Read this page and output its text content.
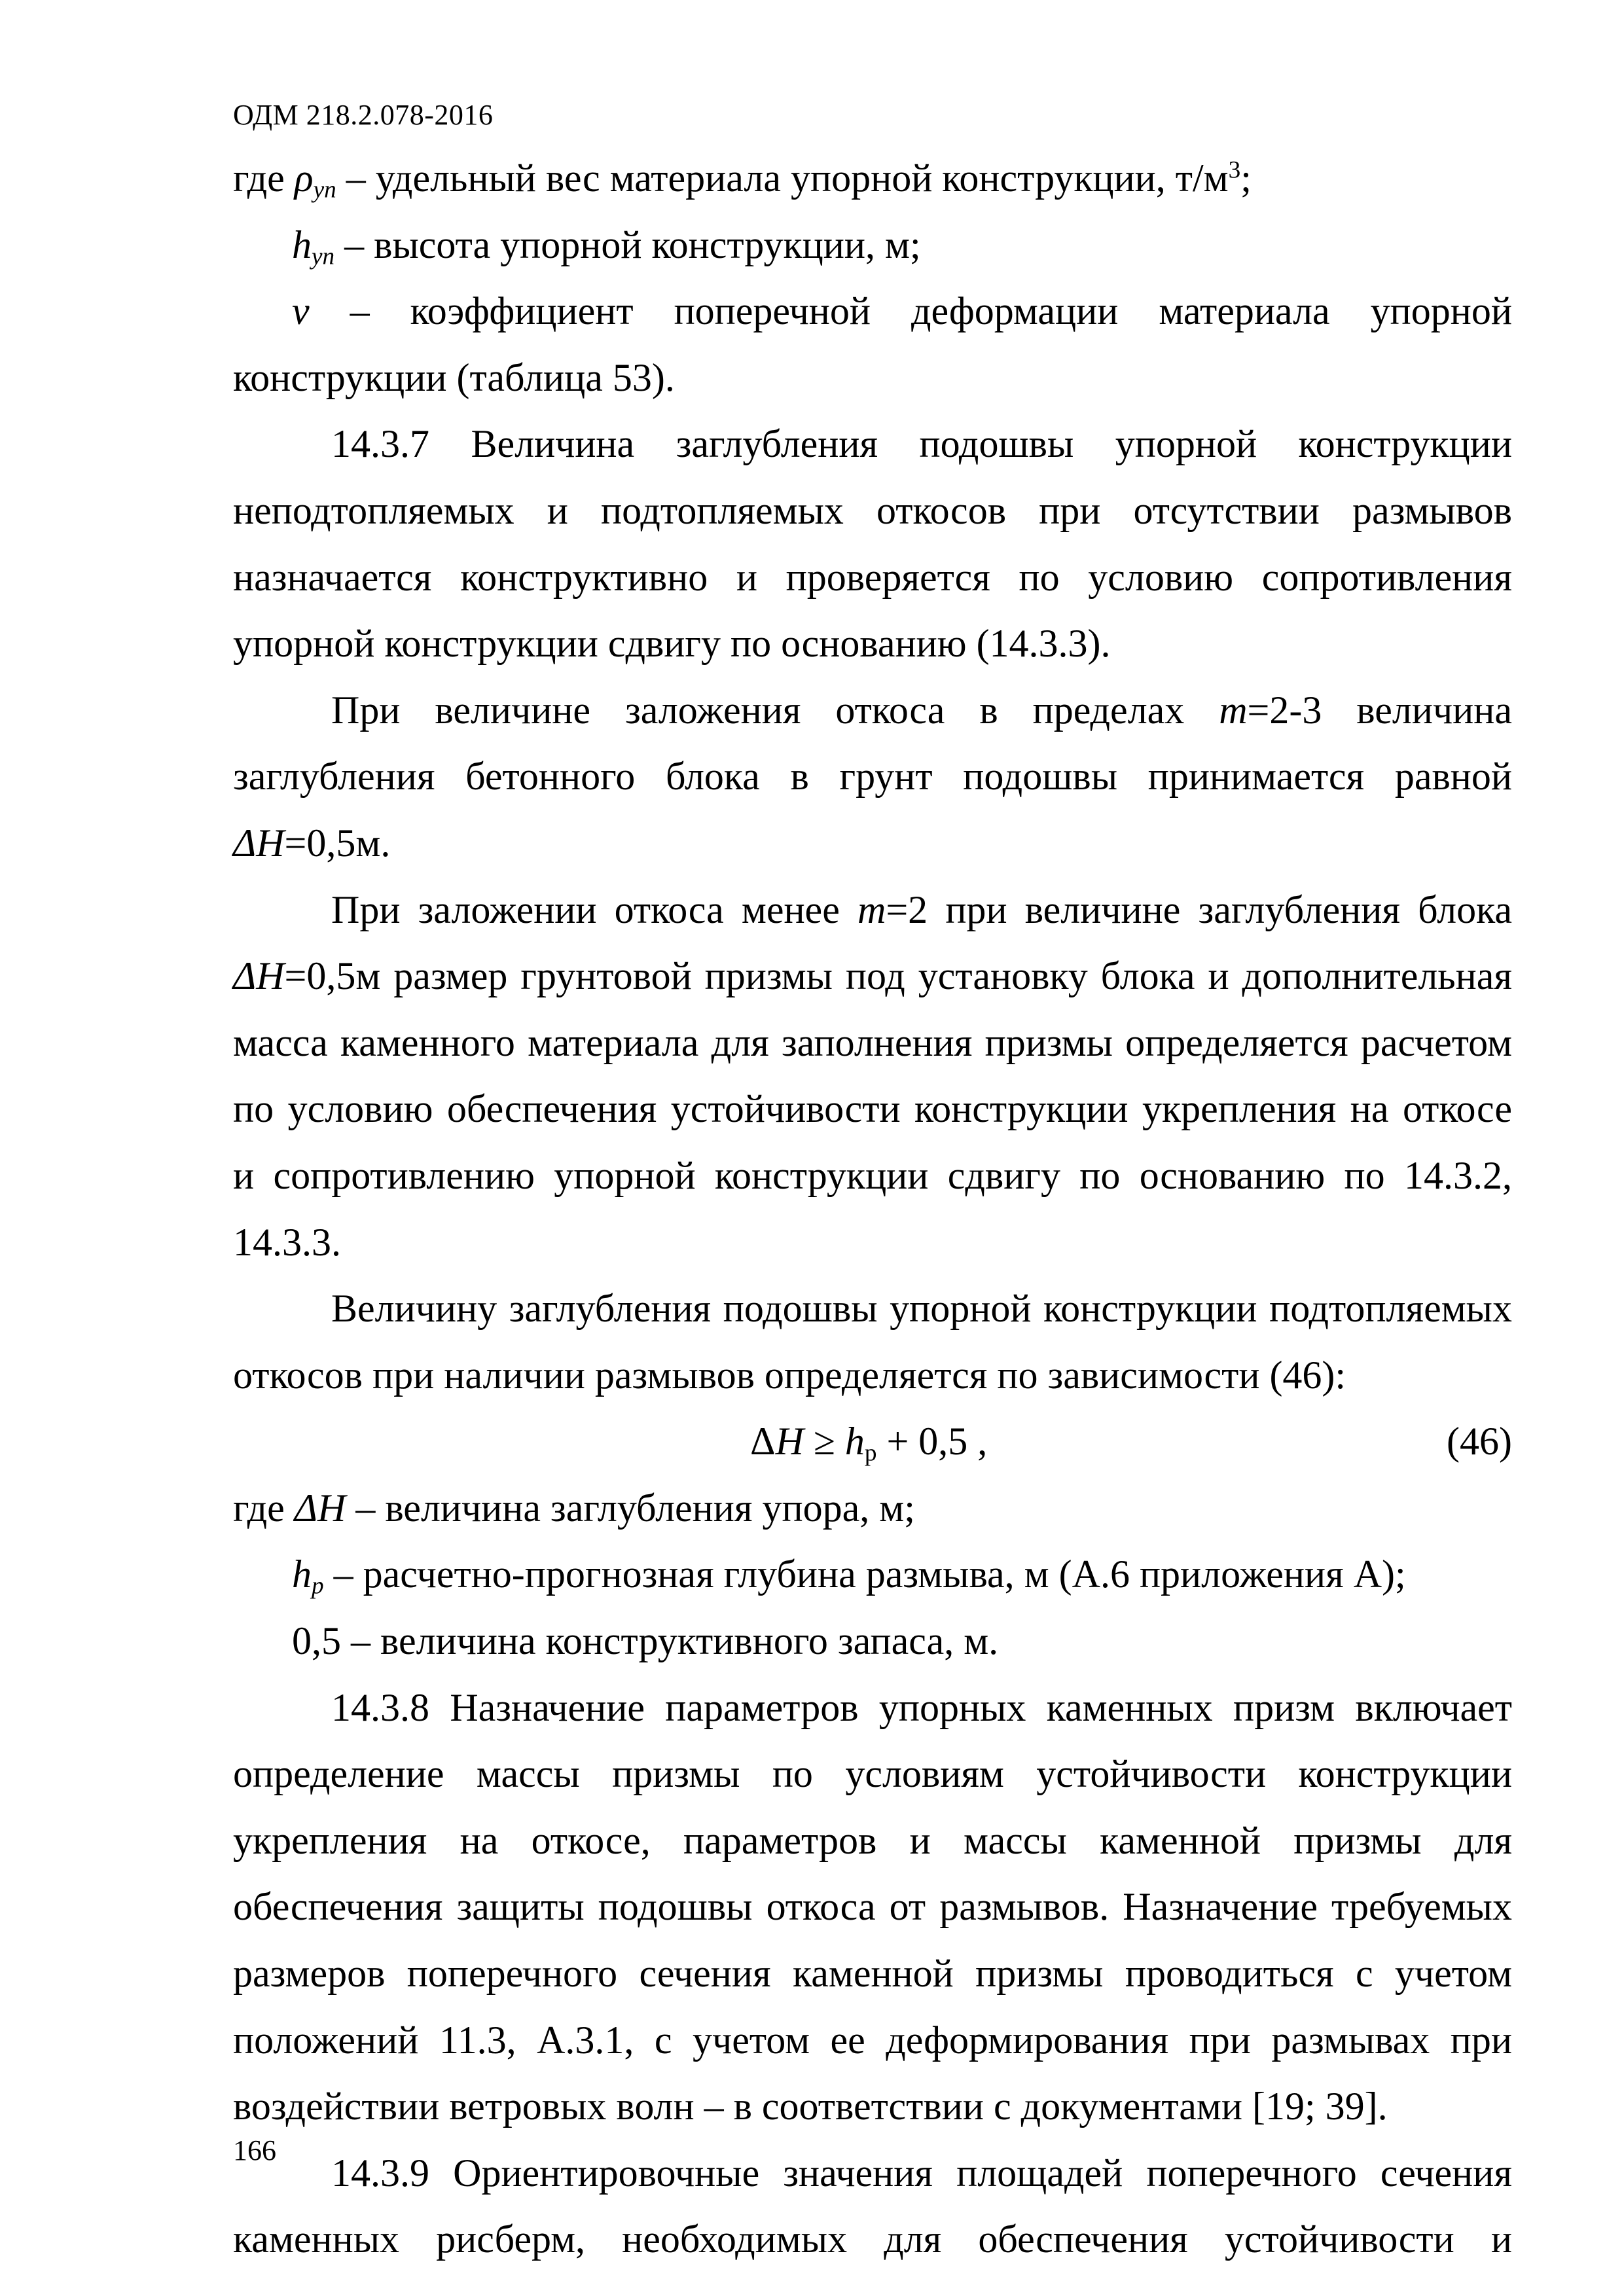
ОДМ 218.2.078-2016

где $\rho_{уп}$ – удельный вес материала упорной конструкции, $т/м^3$;

$h_{уп}$ – высота упорной конструкции, м;

v – коэффициент поперечной деформации материала упорной конструкции (таблица 53).

14.3.7 Величина заглубления подошвы упорной конструкции неподтопляемых и подтопляемых откосов при отсутствии размывов назначается конструктивно и проверяется по условию сопротивления упорной конструкции сдвигу по основанию (14.3.3).

При величине заложения откоса в пределах m=2-3 величина заглубления бетонного блока в грунт подошвы принимается равной ΔH=0,5м.

При заложении откоса менее m=2 при величине заглубления блока ΔH=0,5м размер грунтовой призмы под установку блока и дополнительная масса каменного материала для заполнения призмы определяется расчетом по условию обеспечения устойчивости конструкции укрепления на откосе и сопротивлению упорной конструкции сдвигу по основанию по 14.3.2, 14.3.3.

Величину заглубления подошвы упорной конструкции подтопляемых откосов при наличии размывов определяется по зависимости (46):

$\Delta H \ge h_р + 0,5$ ,	(46)

где ΔH – величина заглубления упора, м;

$h_p$ – расчетно-прогнозная глубина размыва, м (А.6 приложения А);

0,5 – величина конструктивного запаса, м.

14.3.8 Назначение параметров упорных каменных призм включает определение массы призмы по условиям устойчивости конструкции укрепления на откосе, параметров и массы каменной призмы для обеспечения защиты подошвы откоса от размывов. Назначение требуемых размеров поперечного сечения каменной призмы проводиться с учетом положений 11.3, А.3.1, с учетом ее деформирования при размывах при воздействии ветровых волн – в соответствии с документами [19; 39].

14.3.9 Ориентировочные значения площадей поперечного сечения каменных рисберм, необходимых для обеспечения устойчивости и

166
